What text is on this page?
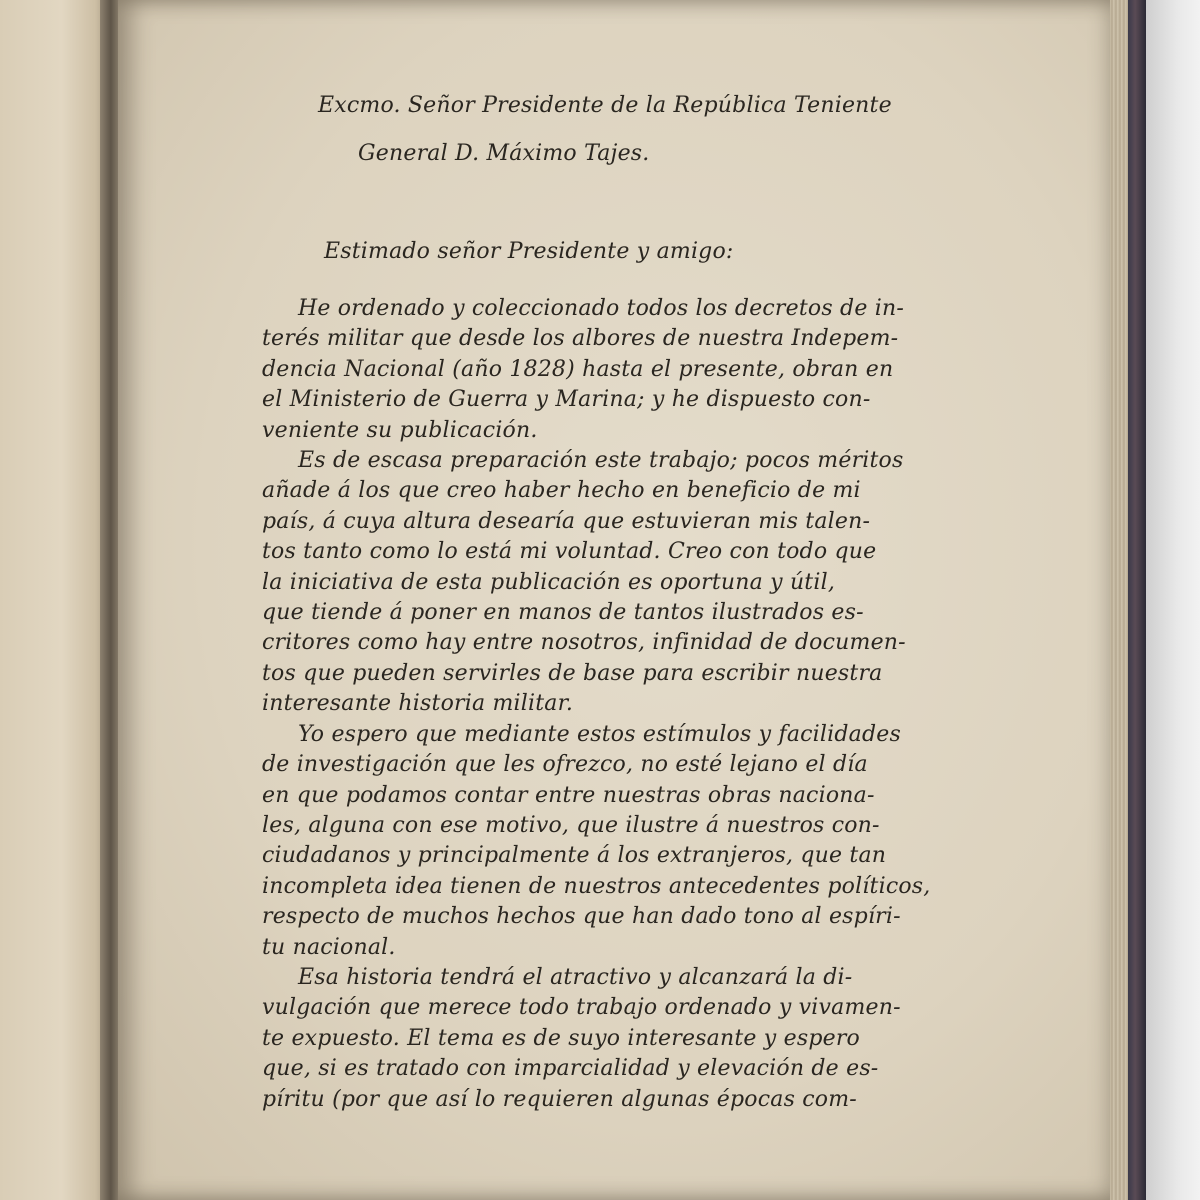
Excmo. Señor Presidente de la República Teniente
General D. Máximo Tajes.
Estimado señor Presidente y amigo:
He ordenado y coleccionado todos los decretos de in-
terés militar que desde los albores de nuestra Indepem-
dencia Nacional (año 1828) hasta el presente, obran en
el Ministerio de Guerra y Marina; y he dispuesto con-
veniente su publicación.
Es de escasa preparación este trabajo; pocos méritos
añade á los que creo haber hecho en beneficio de mi
país, á cuya altura desearía que estuvieran mis talen-
tos tanto como lo está mi voluntad. Creo con todo que
la iniciativa de esta publicación es oportuna y útil,
que tiende á poner en manos de tantos ilustrados es-
critores como hay entre nosotros, infinidad de documen-
tos que pueden servirles de base para escribir nuestra
interesante historia militar.
Yo espero que mediante estos estímulos y facilidades
de investigación que les ofrezco, no esté lejano el día
en que podamos contar entre nuestras obras naciona-
les, alguna con ese motivo, que ilustre á nuestros con-
ciudadanos y principalmente á los extranjeros, que tan
incompleta idea tienen de nuestros antecedentes políticos,
respecto de muchos hechos que han dado tono al espíri-
tu nacional.
Esa historia tendrá el atractivo y alcanzará la di-
vulgación que merece todo trabajo ordenado y vivamen-
te expuesto. El tema es de suyo interesante y espero
que, si es tratado con imparcialidad y elevación de es-
píritu (por que así lo requieren algunas épocas com-
